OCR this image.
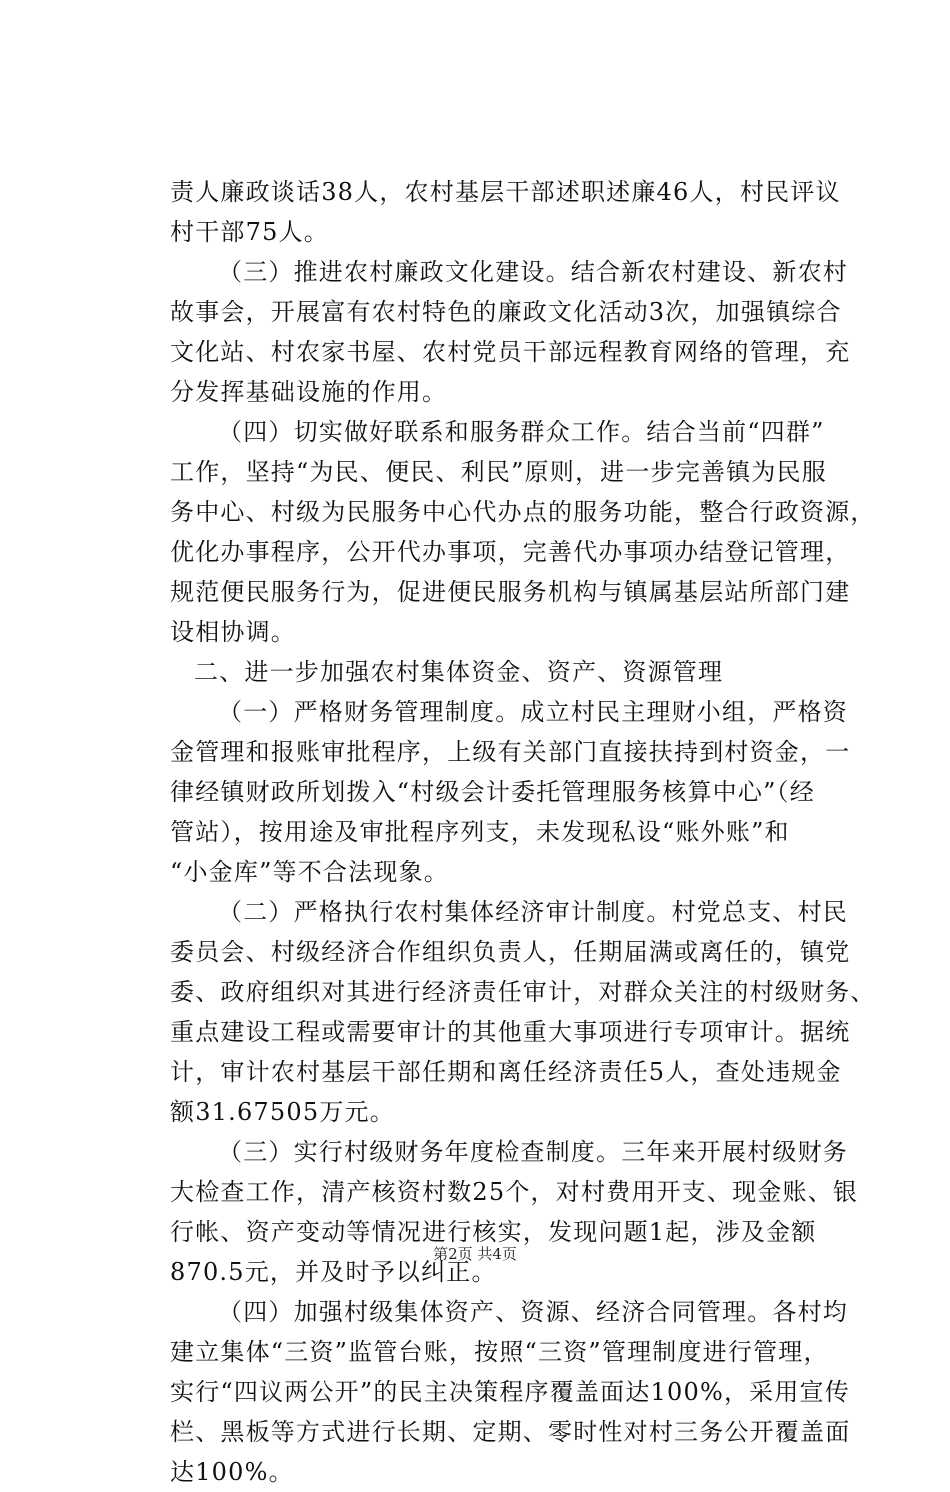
责人廉政谈话38人，农村基层干部述职述廉46人，村民评议
村干部75人。
（三）推进农村廉政文化建设。结合新农村建设、新农村
故事会，开展富有农村特色的廉政文化活动3次，加强镇综合
文化站、村农家书屋、农村党员干部远程教育网络的管理，充
分发挥基础设施的作用。
（四）切实做好联系和服务群众工作。结合当前“四群”
工作，坚持“为民、便民、利民”原则，进一步完善镇为民服
务中心、村级为民服务中心代办点的服务功能，整合行政资源，
优化办事程序，公开代办事项，完善代办事项办结登记管理，
规范便民服务行为，促进便民服务机构与镇属基层站所部门建
设相协调。
二、进一步加强农村集体资金、资产、资源管理
（一）严格财务管理制度。成立村民主理财小组，严格资
金管理和报账审批程序，上级有关部门直接扶持到村资金，一
律经镇财政所划拨入“村级会计委托管理服务核算中心”（经
管站），按用途及审批程序列支，未发现私设“账外账”和
“小金库”等不合法现象。
（二）严格执行农村集体经济审计制度。村党总支、村民
委员会、村级经济合作组织负责人，任期届满或离任的，镇党
委、政府组织对其进行经济责任审计，对群众关注的村级财务、
重点建设工程或需要审计的其他重大事项进行专项审计。据统
计，审计农村基层干部任期和离任经济责任5人，查处违规金
额31.67505万元。
（三）实行村级财务年度检查制度。三年来开展村级财务
大检查工作，清产核资村数25个，对村费用开支、现金账、银
行帐、资产变动等情况进行核实，发现问题1起，涉及金额
870.5元，并及时予以纠正。
（四）加强村级集体资产、资源、经济合同管理。各村均
建立集体“三资”监管台账，按照“三资”管理制度进行管理，
实行“四议两公开”的民主决策程序覆盖面达100%，采用宣传
栏、黑板等方式进行长期、定期、零时性对村三务公开覆盖面
达100%。
第2页 共4页
